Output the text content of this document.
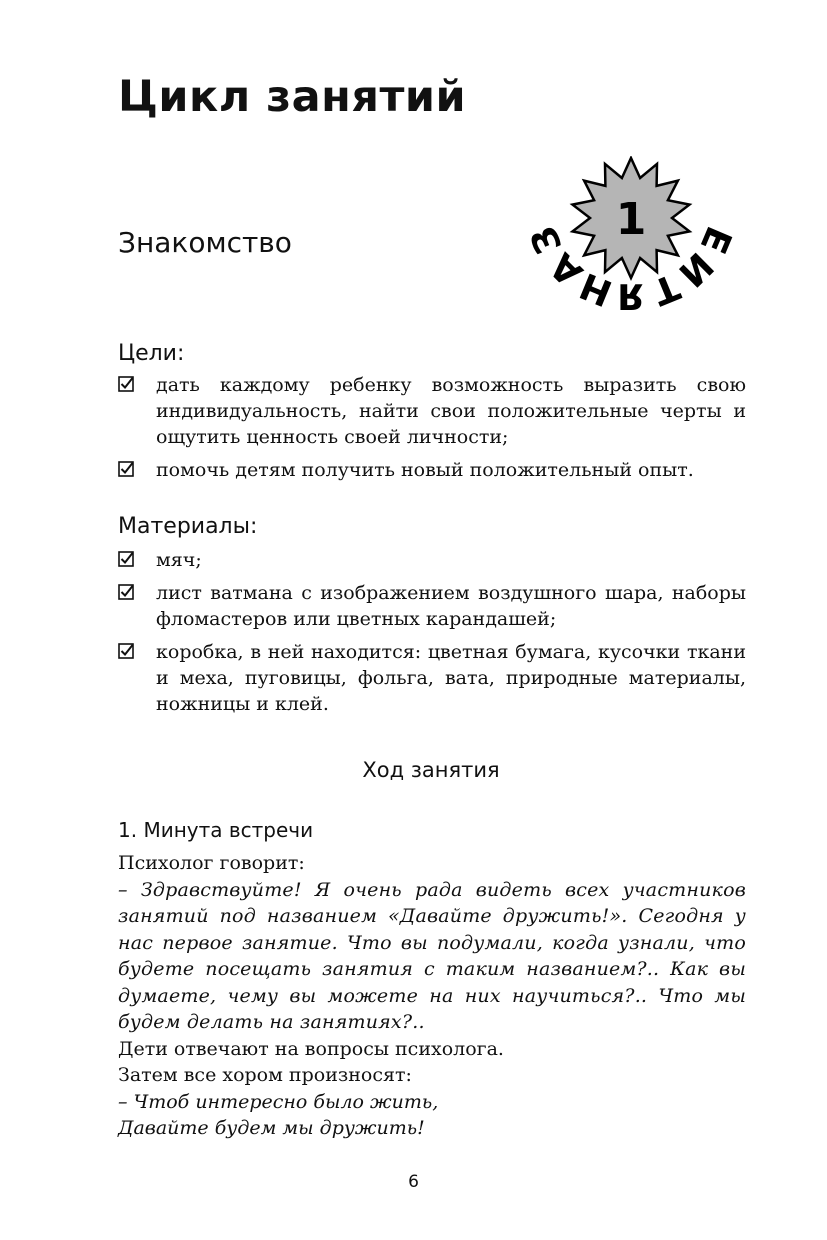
Цикл занятий
Знакомство	1
З
А
Н Я Т
И
Е
Цели:
дать каждому ребенку возможность выразить свою индивидуальность, найти свои положительные черты и ощутить ценность своей личности;
помочь детям получить новый положительный опыт.
Материалы:
мяч;
лист ватмана с изображением воздушного шара, наборы фломастеров или цветных карандашей;
коробка, в ней находится: цветная бумага, кусочки ткани и меха, пуговицы, фольга, вата, природные материалы, ножницы и клей.
Ход занятия
1. Минута встречи

Психолог говорит:

– Здравствуйте! Я очень рада видеть всех участников занятий под названием «Давайте дружить!». Сегодня у нас первое занятие. Что вы подумали, когда узнали, что будете посещать занятия с таким названием?.. Как вы думаете, чему вы можете на них научиться?.. Что мы будем делать на занятиях?..

Дети отвечают на вопросы психолога.

Затем все хором произносят:

– Чтоб интересно было жить,

Давайте будем мы дружить!

6
